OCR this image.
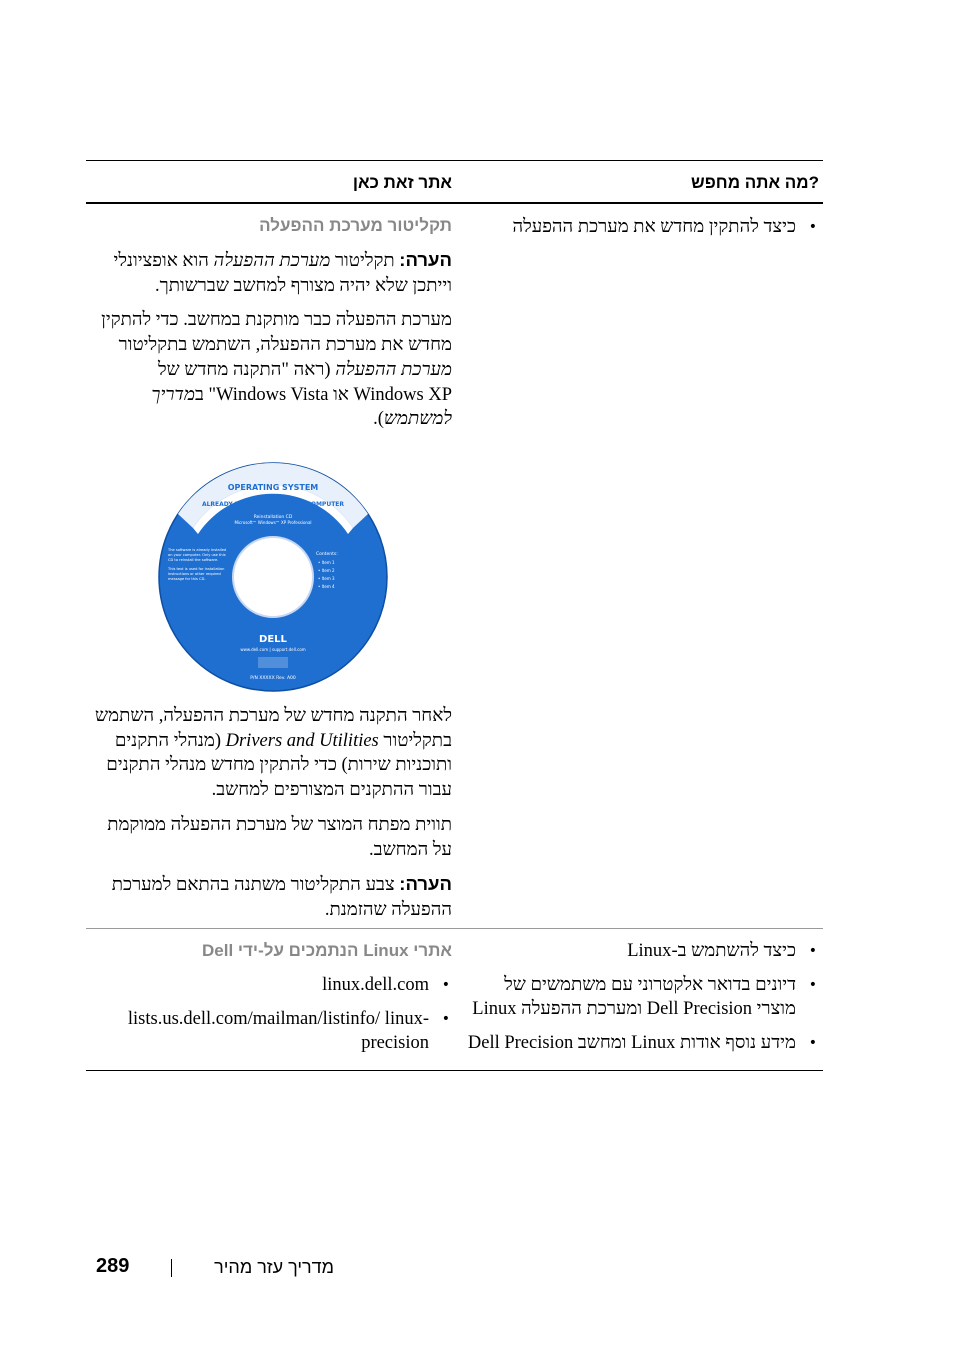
?מה אתה מחפש
אתר זאת כאן
• כיצד להתקין מחדש את מערכת ההפעלה
תקליטור מערכת ההפעלה

הערה: תקליטור מערכת ההפעלה הוא אופציונלי וייתכן שלא יהיה מצורף למחשב שברשותך.

מערכת ההפעלה כבר מותקנת במחשב. כדי להתקין מחדש את מערכת ההפעלה, השתמש בתקליטור מערכת ההפעלה (ראה "התקנה מחדש של Windows XP או Windows Vista" במדריך למשתמש).

OPERATING SYSTEM
ALREADY INSTALLED ON YOUR COMPUTER
Reinstallation CD
Microsoft™ Windows™ XP Professional
The software is already installed on your computer. Only use this CD to reinstall the software.
This text is used for installation instructions or other required message for this CD.
Contents:
• Item 1
• Item 2
• Item 3
• Item 4
DELL
www.dell.com | support.dell.com
P/N XXXXX Rev. A00

לאחר התקנה מחדש של מערכת ההפעלה, השתמש בתקליטור Drivers and Utilities (מנהלי התקנים ותוכניות שירות) כדי להתקין מחדש מנהלי התקנים עבור ההתקנים המצורפים למחשב.

תווית מפתח המוצר של מערכת ההפעלה ממוקמת על המחשב.

הערה: צבע התקליטור משתנה בהתאם למערכת ההפעלה שהזמנת.

• כיצד להשתמש ב-Linux
• דיונים בדואר אלקטרוני עם משתמשים של מוצרי Dell Precision ומערכת ההפעלה Linux
• מידע נוסף אודות Linux ומחשב Dell Precision
אתרי Linux הנתמכים על-ידי Dell
• linux.dell.com
• lists.us.dell.com/mailman/listinfo/ linux-precision
מדריך עזר מהיר
289
